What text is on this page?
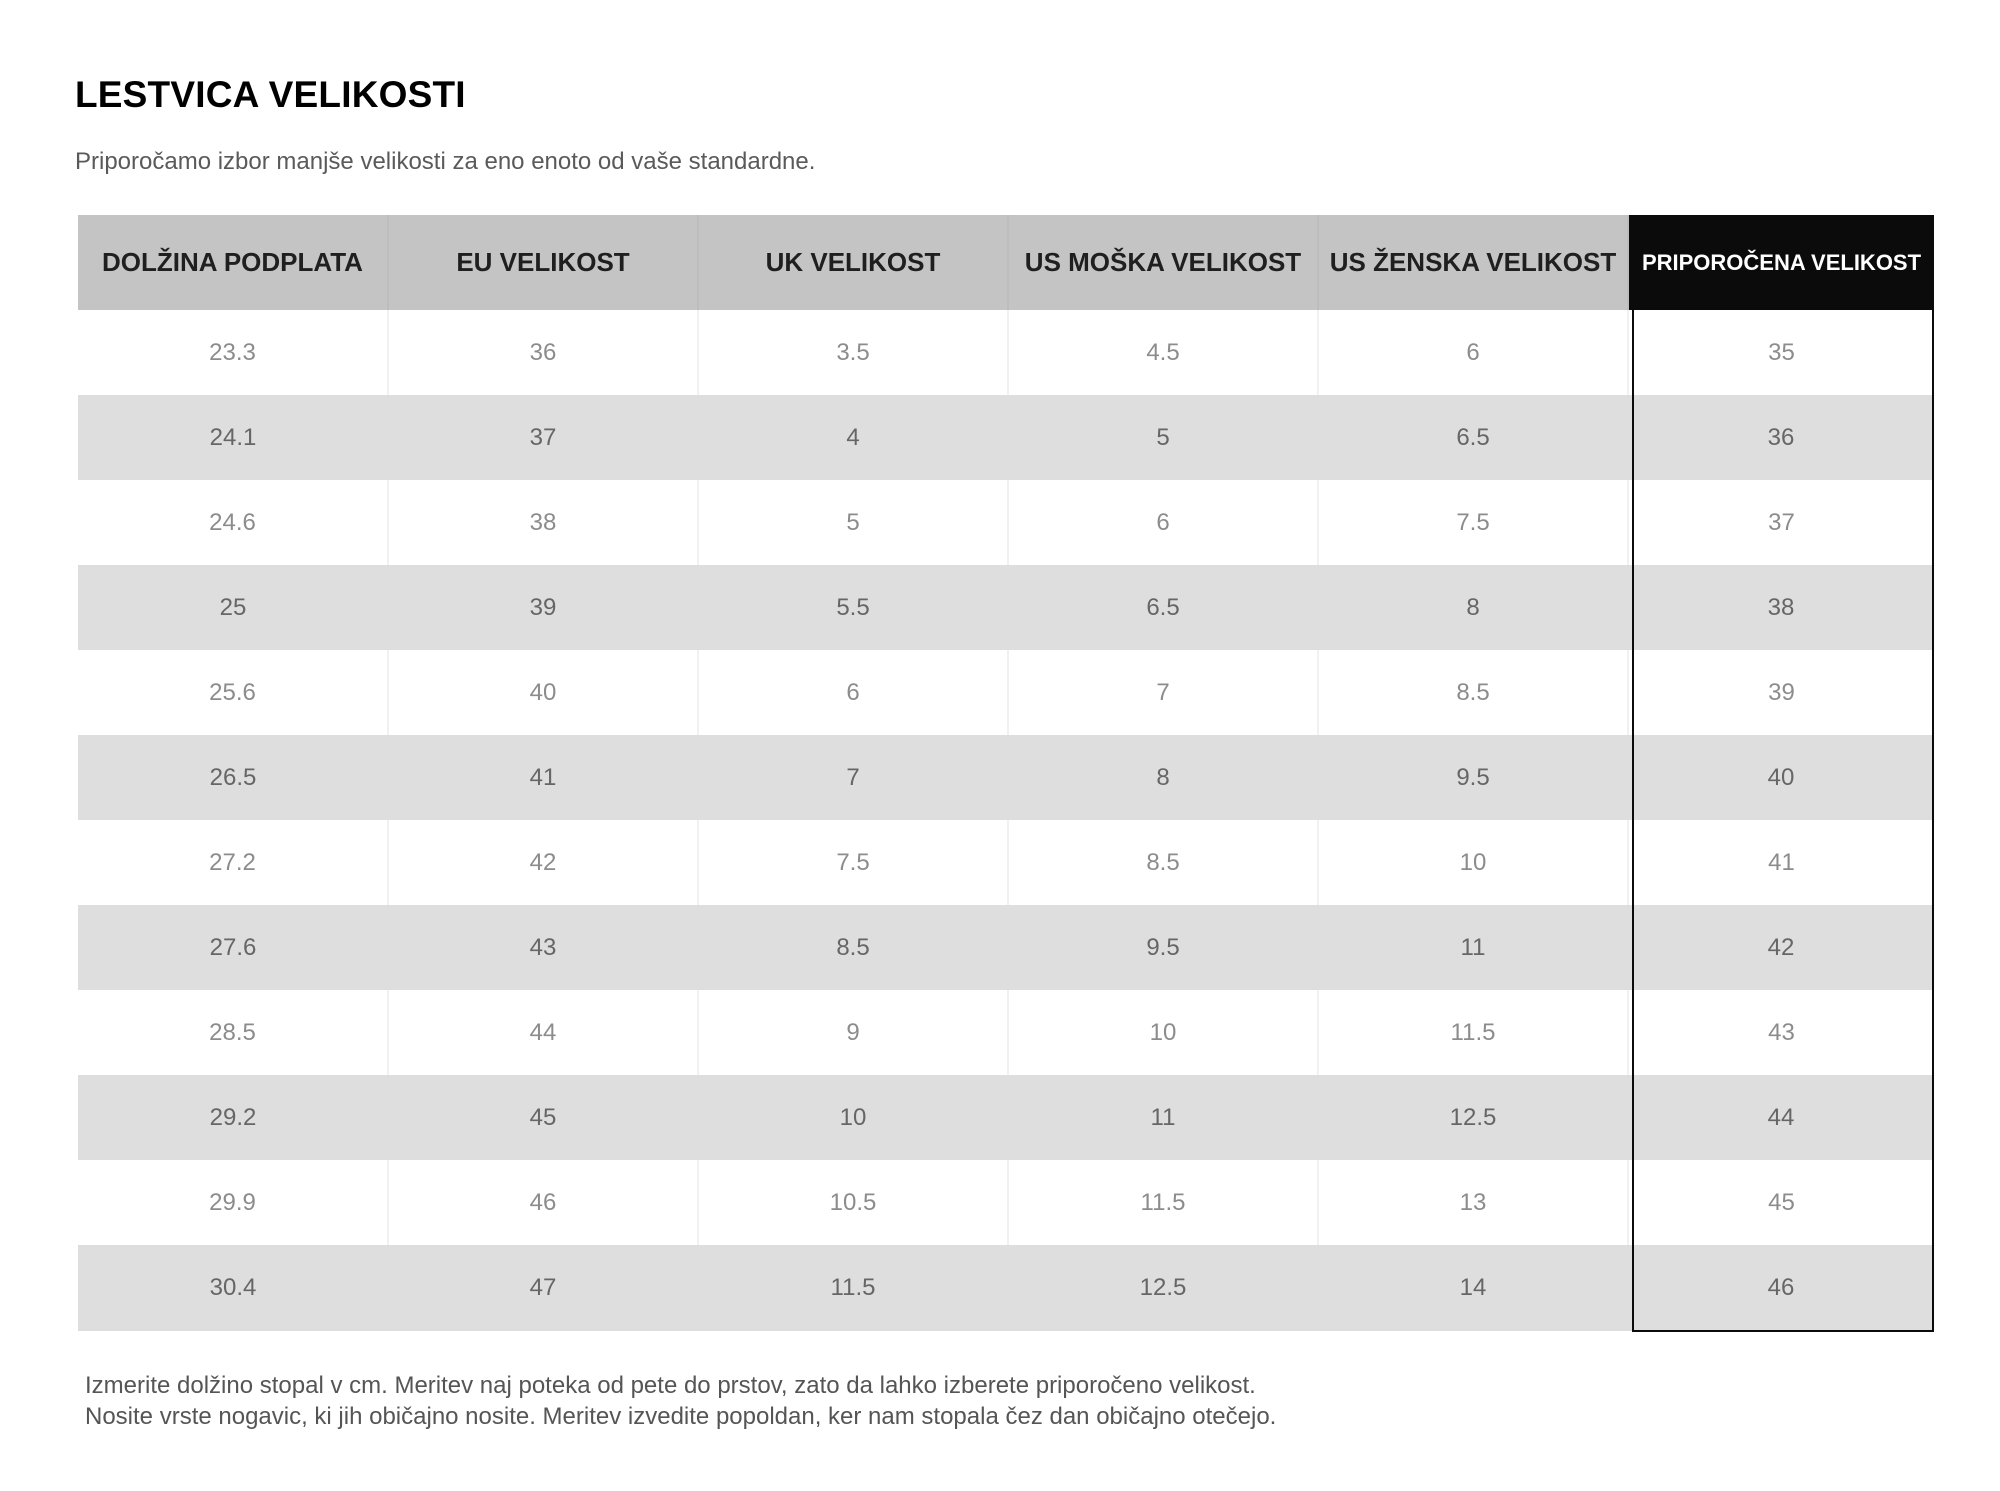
LESTVICA VELIKOSTI

Priporočamo izbor manjše velikosti za eno enoto od vaše standardne.

DOLŽINA PODPLATA	EU VELIKOST	UK VELIKOST	US MOŠKA VELIKOST	US ŽENSKA VELIKOST	PRIPOROČENA VELIKOST
23.3	36	3.5	4.5	6	35
24.1	37	4	5	6.5	36
24.6	38	5	6	7.5	37
25	39	5.5	6.5	8	38
25.6	40	6	7	8.5	39
26.5	41	7	8	9.5	40
27.2	42	7.5	8.5	10	41
27.6	43	8.5	9.5	11	42
28.5	44	9	10	11.5	43
29.2	45	10	11	12.5	44
29.9	46	10.5	11.5	13	45
30.4	47	11.5	12.5	14	46

Izmerite dolžino stopal v cm. Meritev naj poteka od pete do prstov, zato da lahko izberete priporočeno velikost.

Nosite vrste nogavic, ki jih običajno nosite. Meritev izvedite popoldan, ker nam stopala čez dan običajno otečejo.
